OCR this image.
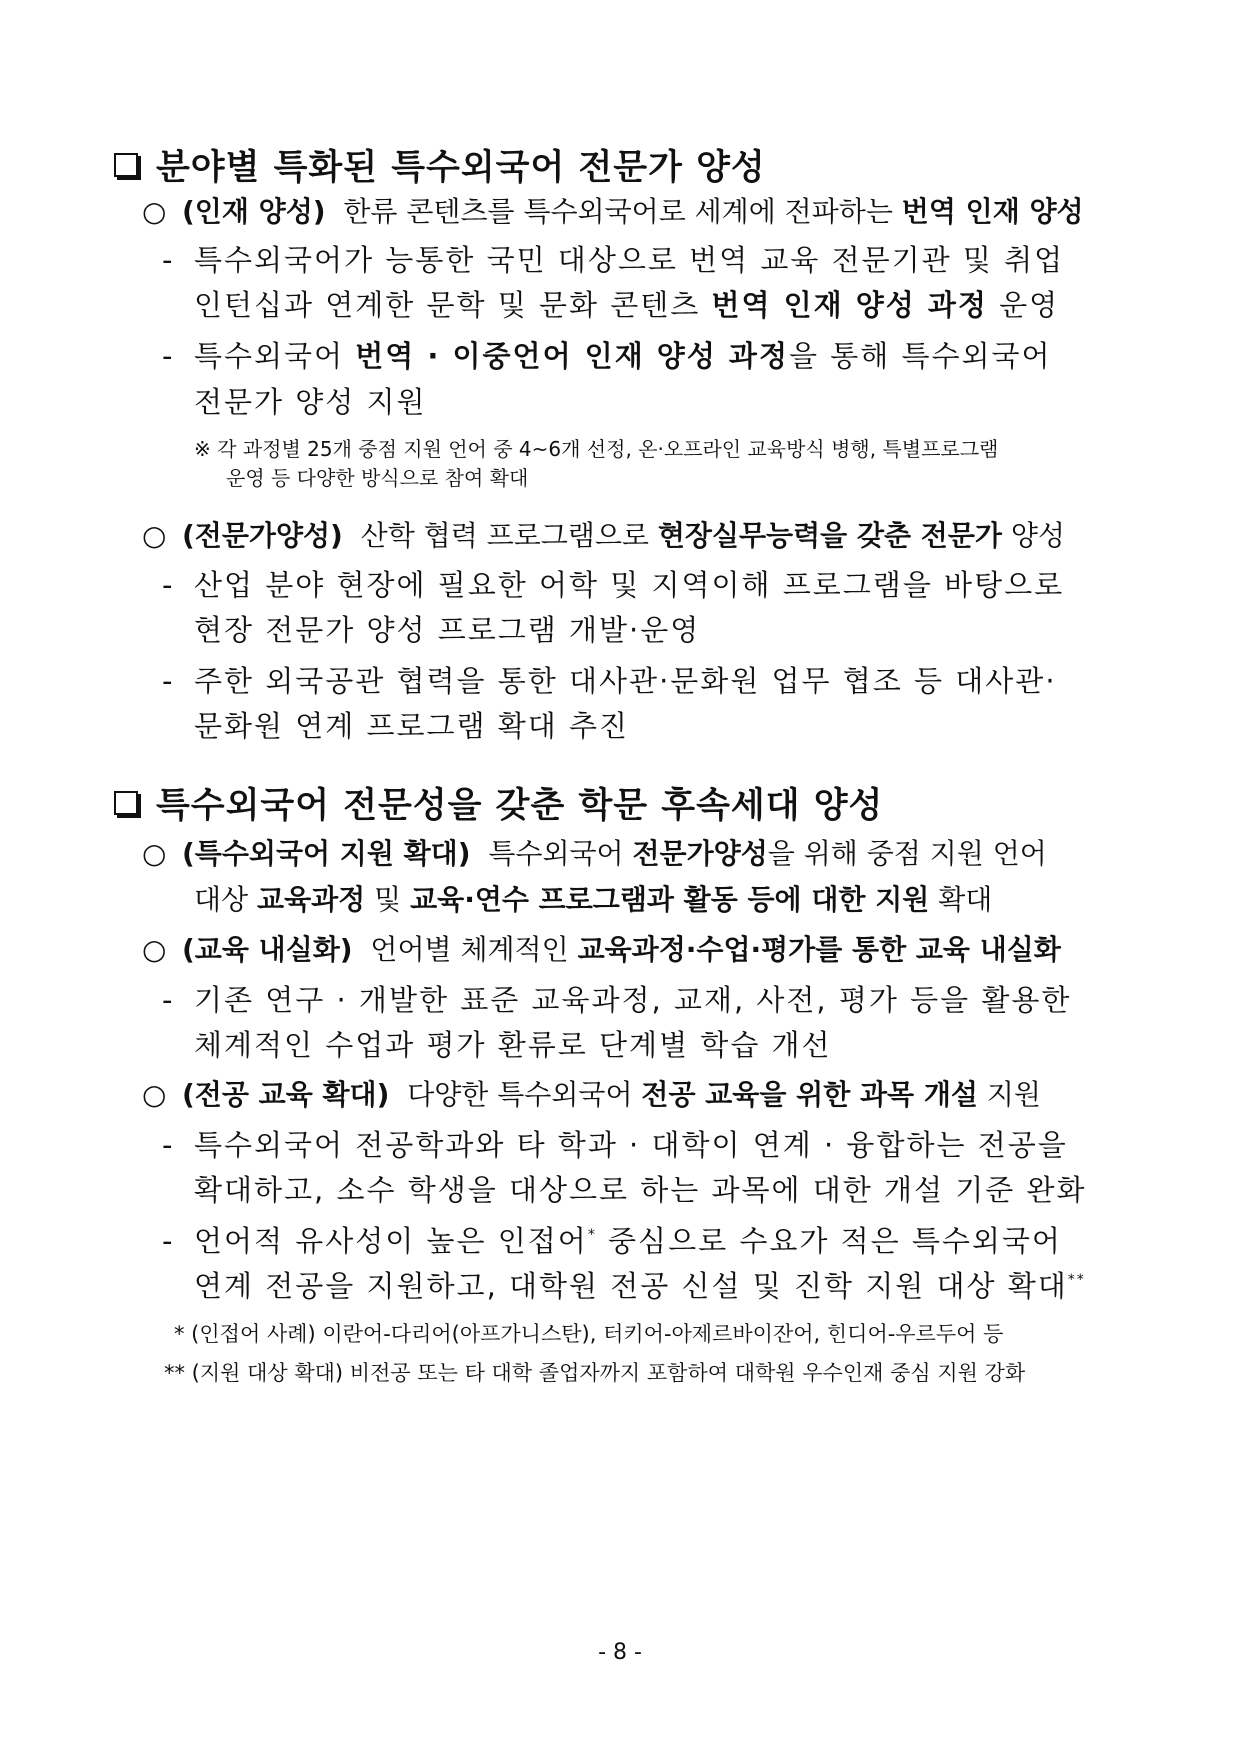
분야별 특화된 특수외국어 전문가 양성
○ (인재 양성) 한류 콘텐츠를 특수외국어로 세계에 전파하는 번역 인재 양성
- 특수외국어가 능통한 국민 대상으로 번역 교육 전문기관 및 취업
인턴십과 연계한 문학 및 문화 콘텐츠 번역 인재 양성 과정 운영
- 특수외국어 번역 · 이중언어 인재 양성 과정을 통해 특수외국어
전문가 양성 지원
※ 각 과정별 25개 중점 지원 언어 중 4~6개 선정, 온·오프라인 교육방식 병행, 특별프로그램
운영 등 다양한 방식으로 참여 확대
○ (전문가양성) 산학 협력 프로그램으로 현장실무능력을 갖춘 전문가 양성
- 산업 분야 현장에 필요한 어학 및 지역이해 프로그램을 바탕으로
현장 전문가 양성 프로그램 개발·운영
- 주한 외국공관 협력을 통한 대사관·문화원 업무 협조 등 대사관·
문화원 연계 프로그램 확대 추진
특수외국어 전문성을 갖춘 학문 후속세대 양성
○ (특수외국어 지원 확대) 특수외국어 전문가양성을 위해 중점 지원 언어
대상 교육과정 및 교육·연수 프로그램과 활동 등에 대한 지원 확대
○ (교육 내실화) 언어별 체계적인 교육과정·수업·평가를 통한 교육 내실화
- 기존 연구 · 개발한 표준 교육과정, 교재, 사전, 평가 등을 활용한
체계적인 수업과 평가 환류로 단계별 학습 개선
○ (전공 교육 확대) 다양한 특수외국어 전공 교육을 위한 과목 개설 지원
- 특수외국어 전공학과와 타 학과 · 대학이 연계 · 융합하는 전공을
확대하고, 소수 학생을 대상으로 하는 과목에 대한 개설 기준 완화
- 언어적 유사성이 높은 인접어* 중심으로 수요가 적은 특수외국어
연계 전공을 지원하고, 대학원 전공 신설 및 진학 지원 대상 확대**
* (인접어 사례) 이란어-다리어(아프가니스탄), 터키어-아제르바이잔어, 힌디어-우르두어 등
** (지원 대상 확대) 비전공 또는 타 대학 졸업자까지 포함하여 대학원 우수인재 중심 지원 강화
- 8 -
